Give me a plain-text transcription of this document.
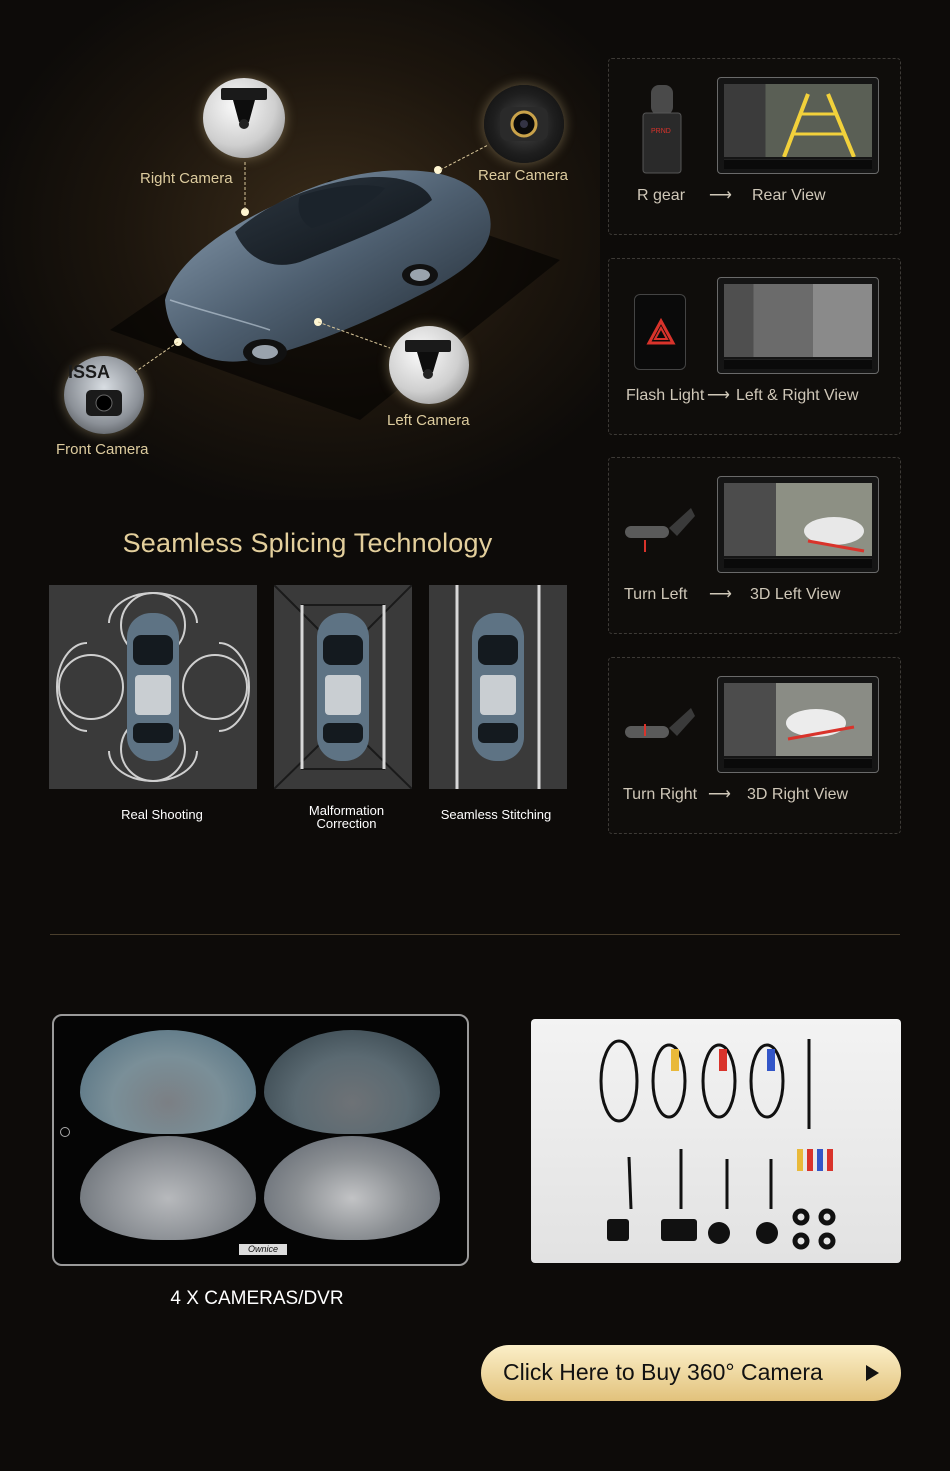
Right Camera	Rear Camera
Left Camera
ISSA
Front Camera
Seamless Splicing Technology
Real Shooting	Malformation
Correction
Seamless Stitching
PRND
R gear ⟶ Rear View
Flash Light ⟶ Left & Right View
Turn Left ⟶ 3D Left View
Turn Right ⟶ 3D Right View
Ownice
4 X CAMERAS/DVR
Click Here to Buy 360° Camera
